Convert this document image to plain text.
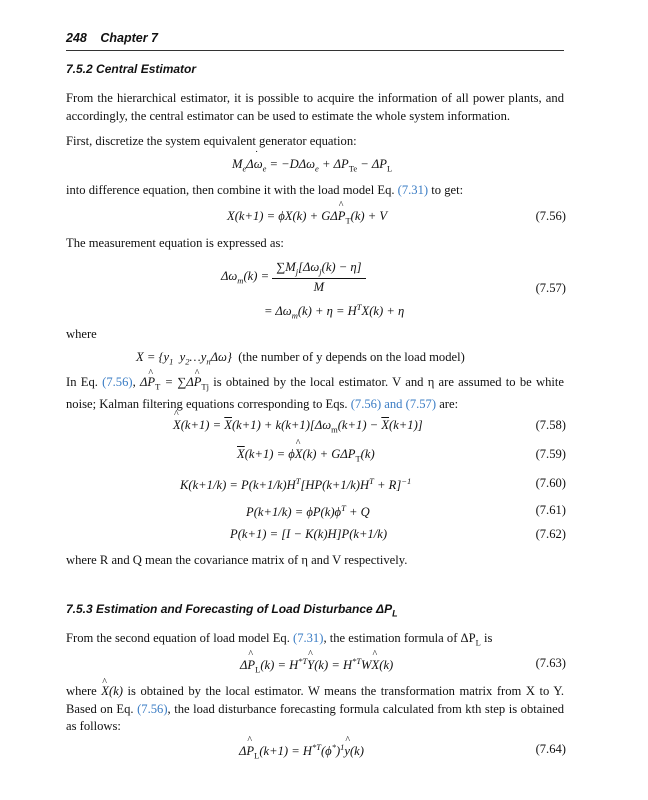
248 Chapter 7
7.5.2 Central Estimator

From the hierarchical estimator, it is possible to acquire the information of all power plants, and accordingly, the central estimator can be used to estimate the whole system information.

First, discretize the system equivalent generator equation:

$M_e\Delta\omega$ $˙_e = -D\Delta\omega_e + \Delta P_{Te} - \Delta P_L$

into difference equation, then combine it with the load model Eq. (7.31) to get:

X(k+1) = ϕX(k) + GΔP $\^{}_T(k) + V$	(7.56)

The measurement equation is expressed as:

$\Delta\omega_m(k) = \frac{\sum M_j[\Delta\omega_j(k) - \eta]}{M}$
= $\Delta\omega_m(k) + \eta = H^TX(k) + \eta$
(7.57)

where

$X = \{y_1$  $y_2\dots y_n\Delta\omega$}  (the number of y depends on the load model)

In Eq. (7.56), ΔP $\^{}_T = \sum\Delta P$ $\^{}_{Tj}$ is obtained by the local estimator. V and η are assumed to be white noise; Kalman filtering equations corresponding to Eqs. (7.56) and (7.57) are:

X ^(k+1) = $\overline{X}(k+1) + k(k+1)[\Delta\omega_m(k+1) - \overline{X}(k+1)]$	(7.58)
$\overline{X}(k+1) = \phi X$ ^(k) + $G\Delta P_T(k)$	(7.59)
$K(k+1/k) = P(k+1/k)H^T[HP(k+1/k)H^T + R]^{-1}$	(7.60)
$P(k+1/k) = \phi P(k)\phi^T + Q$	(7.61)
P(k+1) = [I − K(k)H]P(k+1/k)	(7.62)

where R and Q mean the covariance matrix of η and V respectively.

7.5.3 Estimation and Forecasting of Load Disturbance $\Delta P_L$

From the second equation of load model Eq. (7.31), the estimation formula of $\Delta P_L$ is

ΔP $\^{}_L(k) = H^{*T}Y$ ^(k) = $H^{*T}WX$ ^(k)	(7.63)

where X ^(k) is obtained by the local estimator. W means the transformation matrix from X to Y. Based on Eq. (7.56), the load disturbance forecasting formula calculated from kth step is obtained as follows:

ΔP $\^{}_L(k+1) = H^{*T}(\phi^*)^1y$ ^(k)	(7.64)
